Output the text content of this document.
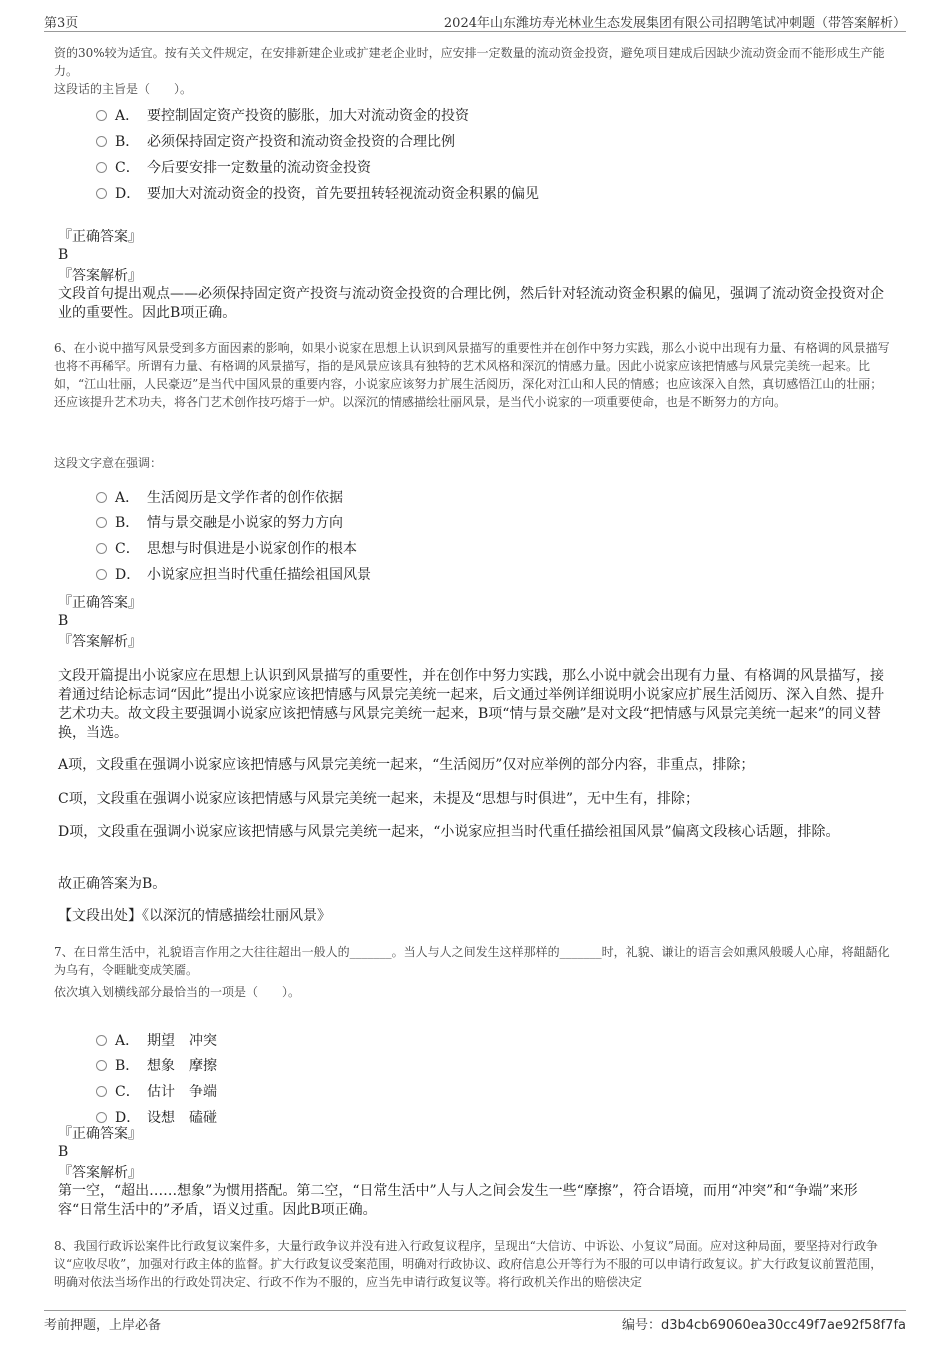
第3页	2024年山东潍坊寿光林业生态发展集团有限公司招聘笔试冲刺题（带答案解析）
资的30%较为适宜。按有关文件规定，在安排新建企业或扩建老企业时，应安排一定数量的流动资金投资，避免项目建成后因缺少流动资金而不能形成生产能力。
这段话的主旨是（　　）。
A． 要控制固定资产投资的膨胀，加大对流动资金的投资
B． 必须保持固定资产投资和流动资金投资的合理比例
C． 今后要安排一定数量的流动资金投资
D． 要加大对流动资金的投资，首先要扭转轻视流动资金积累的偏见
『正确答案』
B
『答案解析』
文段首句提出观点——必须保持固定资产投资与流动资金投资的合理比例，然后针对轻流动资金积累的偏见，强调了流动资金投资对企业的重要性。因此B项正确。
6、在小说中描写风景受到多方面因素的影响，如果小说家在思想上认识到风景描写的重要性并在创作中努力实践，那么小说中出现有力量、有格调的风景描写也将不再稀罕。所谓有力量、有格调的风景描写，指的是风景应该具有独特的艺术风格和深沉的情感力量。因此小说家应该把情感与风景完美统一起来。比如，“江山壮丽，人民豪迈”是当代中国风景的重要内容，小说家应该努力扩展生活阅历，深化对江山和人民的情感；也应该深入自然，真切感悟江山的壮丽；还应该提升艺术功夫，将各门艺术创作技巧熔于一炉。以深沉的情感描绘壮丽风景，是当代小说家的一项重要使命，也是不断努力的方向。
这段文字意在强调：
A． 生活阅历是文学作者的创作依据
B． 情与景交融是小说家的努力方向
C． 思想与时俱进是小说家创作的根本
D． 小说家应担当时代重任描绘祖国风景
『正确答案』
B
『答案解析』
文段开篇提出小说家应在思想上认识到风景描写的重要性，并在创作中努力实践，那么小说中就会出现有力量、有格调的风景描写，接着通过结论标志词“因此”提出小说家应该把情感与风景完美统一起来，后文通过举例详细说明小说家应扩展生活阅历、深入自然、提升艺术功夫。故文段主要强调小说家应该把情感与风景完美统一起来，B项“情与景交融”是对文段“把情感与风景完美统一起来”的同义替换，当选。
A项，文段重在强调小说家应该把情感与风景完美统一起来，“生活阅历”仅对应举例的部分内容，非重点，排除；
C项，文段重在强调小说家应该把情感与风景完美统一起来，未提及“思想与时俱进”，无中生有，排除；
D项，文段重在强调小说家应该把情感与风景完美统一起来，“小说家应担当时代重任描绘祖国风景”偏离文段核心话题，排除。
故正确答案为B。
【文段出处】《以深沉的情感描绘壮丽风景》
7、在日常生活中，礼貌语言作用之大往往超出一般人的_______。当人与人之间发生这样那样的_______时，礼貌、谦让的语言会如熏风般暖人心扉，将龃龉化为乌有，令睚眦变成笑靥。
依次填入划横线部分最恰当的一项是（　　）。
A． 期望　冲突
B． 想象　摩擦
C． 估计　争端
D． 设想　磕碰
『正确答案』
B
『答案解析』
第一空，“超出……想象”为惯用搭配。第二空，“日常生活中”人与人之间会发生一些“摩擦”，符合语境，而用“冲突”和“争端”来形容“日常生活中的”矛盾，语义过重。因此B项正确。
8、我国行政诉讼案件比行政复议案件多，大量行政争议并没有进入行政复议程序，呈现出“大信访、中诉讼、小复议”局面。应对这种局面，要坚持对行政争议“应收尽收”，加强对行政主体的监督。扩大行政复议受案范围，明确对行政协议、政府信息公开等行为不服的可以申请行政复议。扩大行政复议前置范围，明确对依法当场作出的行政处罚决定、行政不作为不服的，应当先申请行政复议等。将行政机关作出的赔偿决定
考前押题，上岸必备	编号：d3b4cb69060ea30cc49f7ae92f58f7fa
